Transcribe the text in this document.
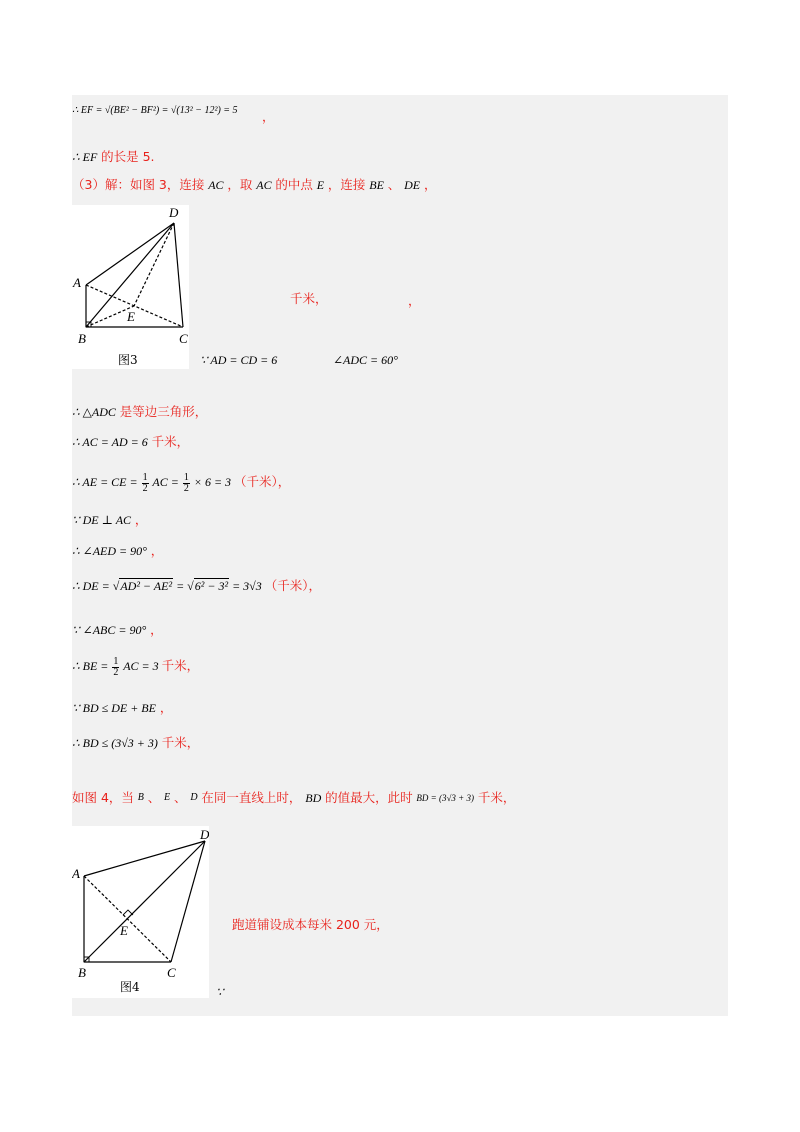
∴ EF = √(BE² − BF²) = √(13² − 12²) = 5 ，
∴ EF 的长是 5.
（3）解：如图 3，连接 AC ，取 AC 的中点 E ，连接 BE 、 DE ，
A
B	C
D
E
图3
千米，	，
∵ AD = CD = 6	∠ADC = 60°
∴ △ADC 是等边三角形，
∴ AC = AD = 6 千米，
∴ AE = CE = $\frac{1}{2}$ AC = $\frac{1}{2} \times 6 = 3$ （千米），
∵ DE ⊥ AC ，
∴ ∠AED = 90° ，
∴ DE = √AD² − AE² = √6² − 3² = 3√3 （千米），
∵ ∠ABC = 90° ，
∴ BE = $\frac{1}{2}$ AC = 3 千米，
∵ BD ≤ DE + BE ，
∴ BD ≤ (3√3 + 3) 千米，
如图 4，当 $^B$ 、 $^E$ 、 $^D$ 在同一直线上时， BD 的值最大，此时 $^{BD = (3√3 + 3)}$ 千米，
A
B	C
D
E
图4
跑道铺设成本每米 200 元，
∵
